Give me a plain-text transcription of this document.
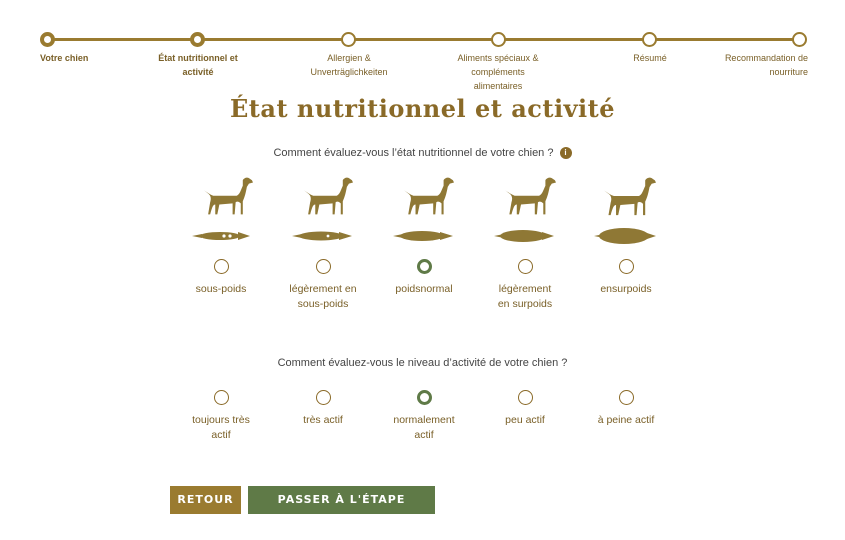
Votre chien	État nutritionnel et activité
Allergien & Unverträglichkeiten
Aliments spéciaux & compléments alimentaires
Résumé	Recommandation de nourriture
État nutritionnel et activité
Comment évaluez-vous l’état nutritionnel de votre chien ? i
sous-poids	légèrement en sous-poids
poidsnormal	légèrement en surpoids
ensurpoids
Comment évaluez-vous le niveau d’activité de votre chien ?
toujours très actif
très actif	normalement actif
peu actif	à peine actif
RETOUR	PASSER À L'ÉTAPE SUIVANTE
